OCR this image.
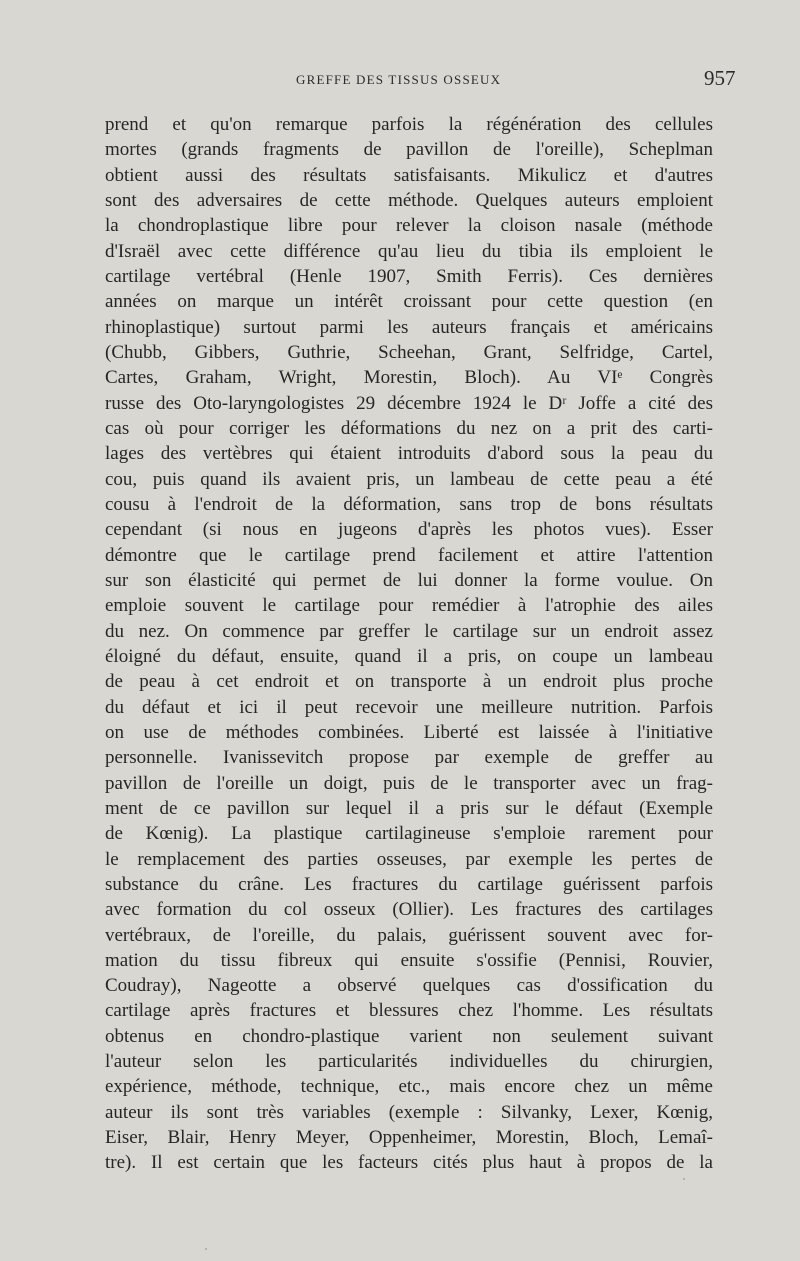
GREFFE DES TISSUS OSSEUX	957
prend et qu'on remarque parfois la régénération des cellules
mortes (grands fragments de pavillon de l'oreille), Scheplman
obtient aussi des résultats satisfaisants. Mikulicz et d'autres
sont des adversaires de cette méthode. Quelques auteurs emploient
la chondroplastique libre pour relever la cloison nasale (méthode
d'Israël avec cette différence qu'au lieu du tibia ils emploient le
cartilage vertébral (Henle 1907, Smith Ferris). Ces dernières
années on marque un intérêt croissant pour cette question (en
rhinoplastique) surtout parmi les auteurs français et américains
(Chubb, Gibbers, Guthrie, Scheehan, Grant, Selfridge, Cartel,
Cartes, Graham, Wright, Morestin, Bloch). Au VIᵉ Congrès
russe des Oto-laryngologistes 29 décembre 1924 le Dʳ Joffe a cité des
cas où pour corriger les déformations du nez on a prit des carti-
lages des vertèbres qui étaient introduits d'abord sous la peau du
cou, puis quand ils avaient pris, un lambeau de cette peau a été
cousu à l'endroit de la déformation, sans trop de bons résultats
cependant (si nous en jugeons d'après les photos vues). Esser
démontre que le cartilage prend facilement et attire l'attention
sur son élasticité qui permet de lui donner la forme voulue. On
emploie souvent le cartilage pour remédier à l'atrophie des ailes
du nez. On commence par greffer le cartilage sur un endroit assez
éloigné du défaut, ensuite, quand il a pris, on coupe un lambeau
de peau à cet endroit et on transporte à un endroit plus proche
du défaut et ici il peut recevoir une meilleure nutrition. Parfois
on use de méthodes combinées. Liberté est laissée à l'initiative
personnelle. Ivanissevitch propose par exemple de greffer au
pavillon de l'oreille un doigt, puis de le transporter avec un frag-
ment de ce pavillon sur lequel il a pris sur le défaut (Exemple
de Kœnig). La plastique cartilagineuse s'emploie rarement pour
le remplacement des parties osseuses, par exemple les pertes de
substance du crâne. Les fractures du cartilage guérissent parfois
avec formation du col osseux (Ollier). Les fractures des cartilages
vertébraux, de l'oreille, du palais, guérissent souvent avec for-
mation du tissu fibreux qui ensuite s'ossifie (Pennisi, Rouvier,
Coudray), Nageotte a observé quelques cas d'ossification du
cartilage après fractures et blessures chez l'homme. Les résultats
obtenus en chondro-plastique varient non seulement suivant
l'auteur selon les particularités individuelles du chirurgien,
expérience, méthode, technique, etc., mais encore chez un même
auteur ils sont très variables (exemple : Silvanky, Lexer, Kœnig,
Eiser, Blair, Henry Meyer, Oppenheimer, Morestin, Bloch, Lemaî-
tre). Il est certain que les facteurs cités plus haut à propos de la
